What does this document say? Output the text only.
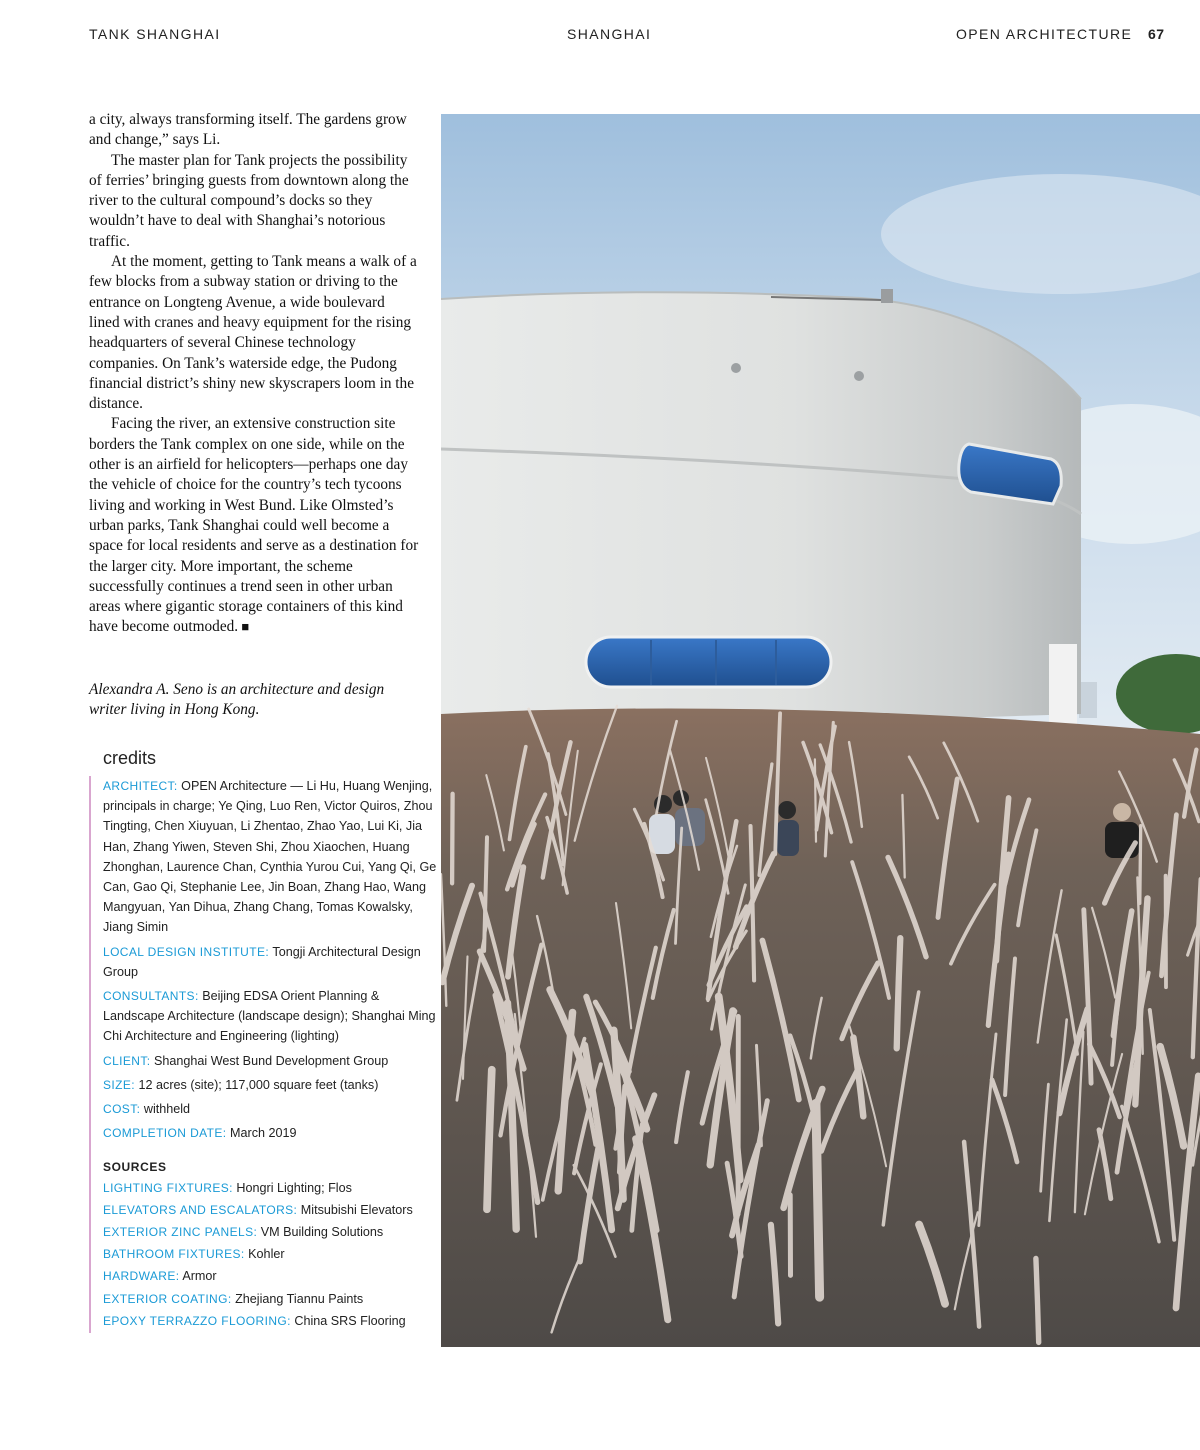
TANK SHANGHAI	SHANGHAI	OPEN ARCHITECTURE 67

a city, always transforming itself. The gardens grow and change,” says Li.

The master plan for Tank projects the possibility of ferries’ bringing guests from downtown along the river to the cultural compound’s docks so they wouldn’t have to deal with Shanghai’s notorious traffic.

At the moment, getting to Tank means a walk of a few blocks from a subway station or driving to the entrance on Longteng Avenue, a wide boulevard lined with cranes and heavy equipment for the rising headquarters of several Chinese technology companies. On Tank’s waterside edge, the Pudong financial district’s shiny new skyscrapers loom in the distance.

Facing the river, an extensive construction site borders the Tank complex on one side, while on the other is an airfield for helicopters—perhaps one day the vehicle of choice for the country’s tech tycoons living and working in West Bund. Like Olmsted’s urban parks, Tank Shanghai could well become a space for local residents and serve as a destination for the larger city. More important, the scheme successfully continues a trend seen in other urban areas where gigantic storage containers of this kind have become outmoded. ■

Alexandra A. Seno is an architecture and design writer living in Hong Kong.
credits
ARCHITECT: OPEN Architecture — Li Hu, Huang Wenjing, principals in charge; Ye Qing, Luo Ren, Victor Quiros, Zhou Tingting, Chen Xiuyuan, Li Zhentao, Zhao Yao, Lui Ki, Jia Han, Zhang Yiwen, Steven Shi, Zhou Xiaochen, Huang Zhonghan, Laurence Chan, Cynthia Yurou Cui, Yang Qi, Ge Can, Gao Qi, Stephanie Lee, Jin Boan, Zhang Hao, Wang Mangyuan, Yan Dihua, Zhang Chang, Tomas Kowalsky, Jiang Simin
LOCAL DESIGN INSTITUTE: Tongji Architectural Design Group
CONSULTANTS: Beijing EDSA Orient Planning & Landscape Architecture (landscape design); Shanghai Ming Chi Architecture and Engineering (lighting)
CLIENT: Shanghai West Bund Development Group
SIZE: 12 acres (site); 117,000 square feet (tanks)
COST: withheld
COMPLETION DATE: March 2019
SOURCES
LIGHTING FIXTURES: Hongri Lighting; Flos
ELEVATORS AND ESCALATORS: Mitsubishi Elevators
EXTERIOR ZINC PANELS: VM Building Solutions
BATHROOM FIXTURES: Kohler
HARDWARE: Armor
EXTERIOR COATING: Zhejiang Tiannu Paints
EPOXY TERRAZZO FLOORING: China SRS Flooring
